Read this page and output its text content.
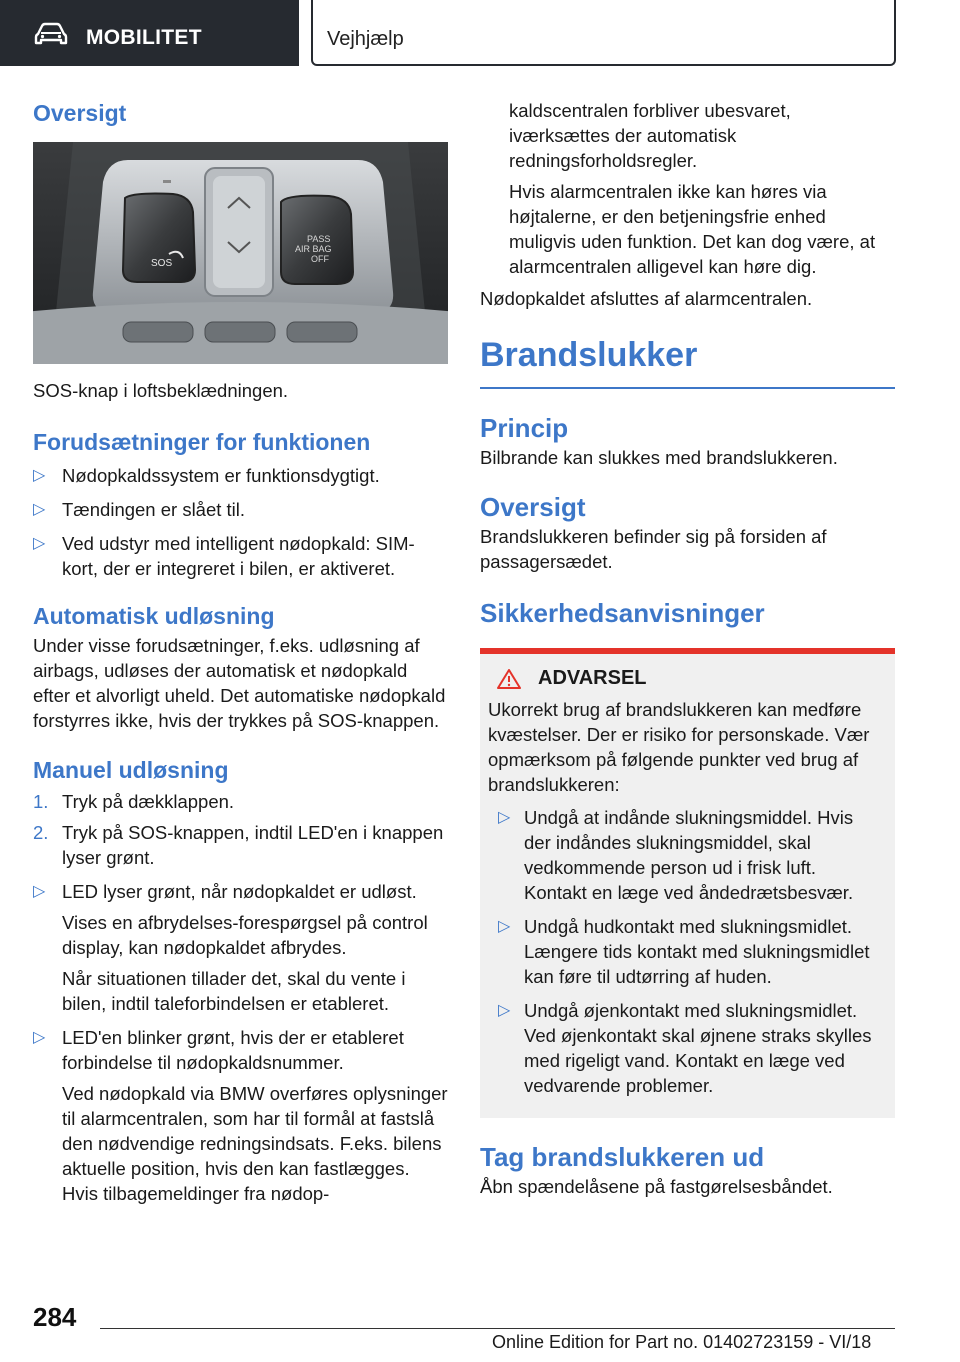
MOBILITET	Vejhjælp
Oversigt
SOS
PASS
AIR BAG
OFF
SOS-knap i loftsbeklædningen.
Forudsætninger for funktionen
▷ Nødopkaldssystem er funktionsdygtigt.
▷ Tændingen er slået til.
▷ Ved udstyr med intelligent nødopkald: SIM-kort, der er integreret i bilen, er aktiveret.
Automatisk udløsning
Under visse forudsætninger, f.eks. udløsning af airbags, udløses der automatisk et nødopkald efter et alvorligt uheld. Det automatiske nødopkald forstyrres ikke, hvis der trykkes på SOS-knappen.
Manuel udløsning
1. Tryk på dækklappen.
2. Tryk på SOS-knappen, indtil LED'en i knappen lyser grønt.
▷ LED lyser grønt, når nødopkaldet er udløst.
Vises en afbrydelses-forespørgsel på control display, kan nødopkaldet afbrydes.
Når situationen tillader det, skal du vente i bilen, indtil taleforbindelsen er etableret.
▷ LED'en blinker grønt, hvis der er etableret forbindelse til nødopkaldsnummer.
Ved nødopkald via BMW overføres oplysninger til alarmcentralen, som har til formål at fastslå den nødvendige redningsindsats. F.eks. bilens aktuelle position, hvis den kan fastlægges. Hvis tilbagemeldinger fra nødop-
kaldscentralen forbliver ubesvaret, iværksættes der automatisk redningsforholdsregler.
Hvis alarmcentralen ikke kan høres via højtalerne, er den betjeningsfrie enhed muligvis uden funktion. Det kan dog være, at alarmcentralen alligevel kan høre dig.
Nødopkaldet afsluttes af alarmcentralen.
Brandslukker
Princip
Bilbrande kan slukkes med brandslukkeren.
Oversigt
Brandslukkeren befinder sig på forsiden af passagersædet.
Sikkerhedsanvisninger
ADVARSEL
Ukorrekt brug af brandslukkeren kan medføre kvæstelser. Der er risiko for personskade. Vær opmærksom på følgende punkter ved brug af brandslukkeren:
▷ Undgå at indånde slukningsmiddel. Hvis der indåndes slukningsmiddel, skal vedkommende person ud i frisk luft. Kontakt en læge ved åndedrætsbesvær.
▷ Undgå hudkontakt med slukningsmidlet. Længere tids kontakt med slukningsmidlet kan føre til udtørring af huden.
▷ Undgå øjenkontakt med slukningsmidlet. Ved øjenkontakt skal øjnene straks skylles med rigeligt vand. Kontakt en læge ved vedvarende problemer.
Tag brandslukkeren ud
Åbn spændelåsene på fastgørelsesbåndet.
284
Online Edition for Part no. 01402723159 - VI/18
